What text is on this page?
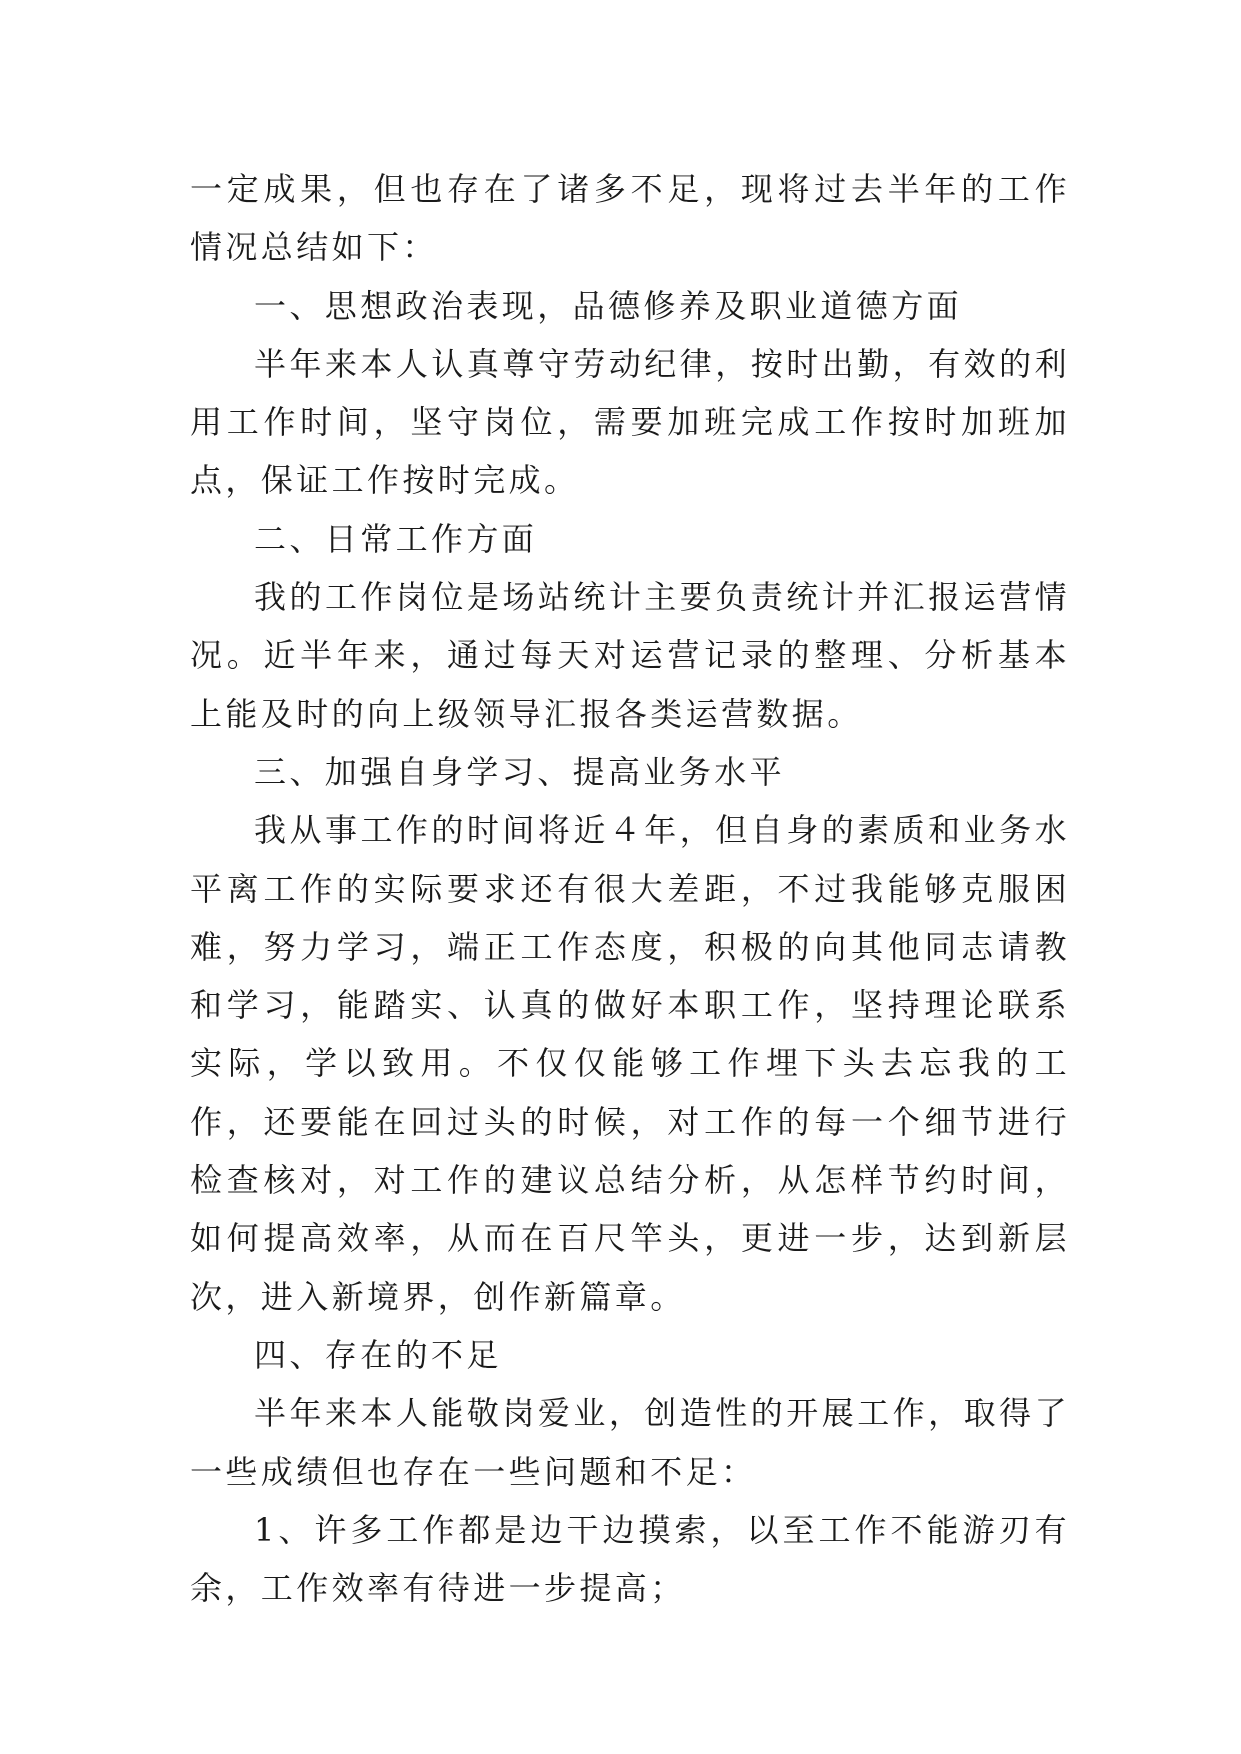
一定成果，但也存在了诸多不足，现将过去半年的工作情况总结如下：

一、思想政治表现，品德修养及职业道德方面

半年来本人认真尊守劳动纪律，按时出勤，有效的利用工作时间，坚守岗位，需要加班完成工作按时加班加点，保证工作按时完成。

二、日常工作方面

我的工作岗位是场站统计主要负责统计并汇报运营情况。近半年来，通过每天对运营记录的整理、分析基本上能及时的向上级领导汇报各类运营数据。

三、加强自身学习、提高业务水平

我从事工作的时间将近４年，但自身的素质和业务水平离工作的实际要求还有很大差距，不过我能够克服困难，努力学习，端正工作态度，积极的向其他同志请教和学习，能踏实、认真的做好本职工作，坚持理论联系实际，学以致用。不仅仅能够工作埋下头去忘我的工作，还要能在回过头的时候，对工作的每一个细节进行检查核对，对工作的建议总结分析，从怎样节约时间，如何提高效率，从而在百尺竿头，更进一步，达到新层次，进入新境界，创作新篇章。

四、存在的不足

半年来本人能敬岗爱业，创造性的开展工作，取得了一些成绩但也存在一些问题和不足：

1、许多工作都是边干边摸索，以至工作不能游刃有余，工作效率有待进一步提高；
